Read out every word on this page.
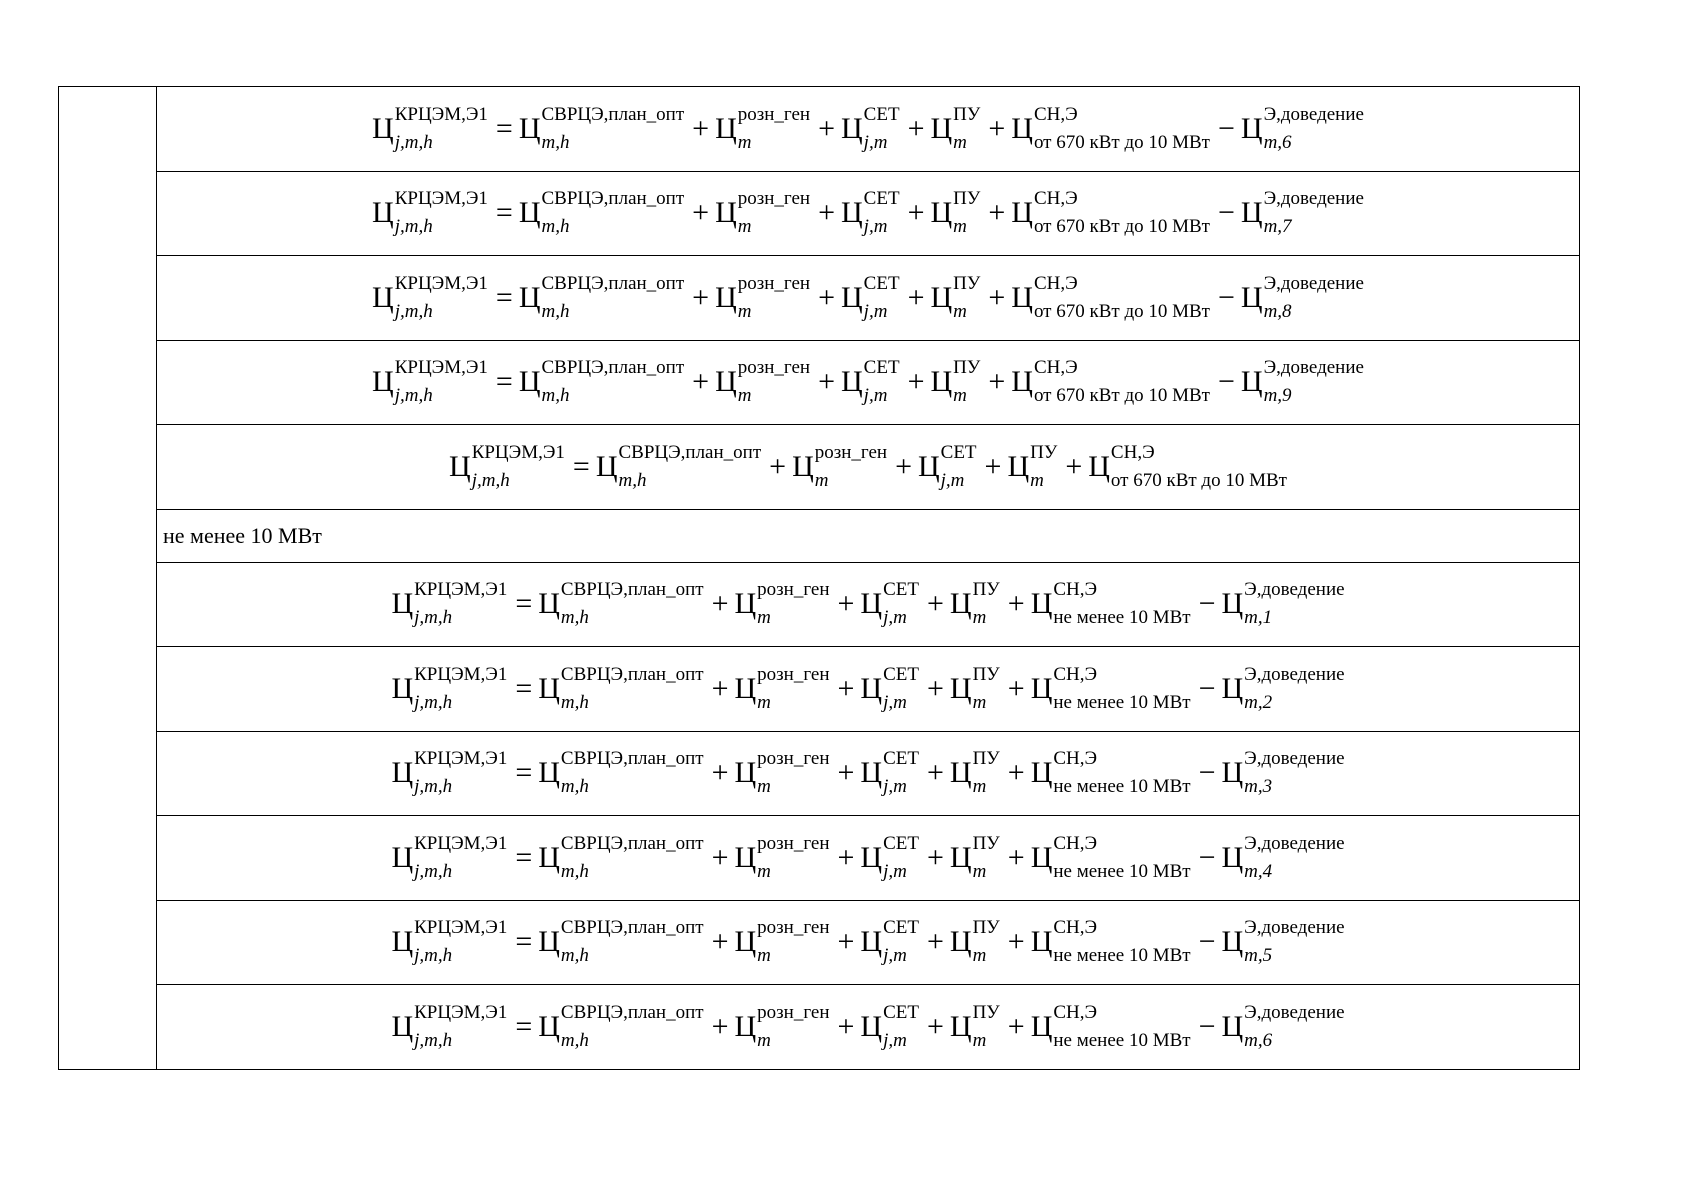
	Ц КРЦЭМ,Э1
j,m,h	= Ц СВРЦЭ,план_опт
m,h	+ Ц розн_ген
m	+ Ц СЕТ
j,m + Ц ПУ
m + Ц СН,Э
от 670 кВт до 10 МВт − Ц Э,доведение
m,6

Ц КРЦЭМ,Э1
j,m,h	= Ц СВРЦЭ,план_опт
m,h	+ Ц розн_ген
m	+ Ц СЕТ
j,m + Ц ПУ
m + Ц СН,Э
от 670 кВт до 10 МВт − Ц Э,доведение
m,7

Ц КРЦЭМ,Э1
j,m,h	= Ц СВРЦЭ,план_опт
m,h	+ Ц розн_ген
m	+ Ц СЕТ
j,m + Ц ПУ
m + Ц СН,Э
от 670 кВт до 10 МВт − Ц Э,доведение
m,8

Ц КРЦЭМ,Э1
j,m,h	= Ц СВРЦЭ,план_опт
m,h	+ Ц розн_ген
m	+ Ц СЕТ
j,m + Ц ПУ
m + Ц СН,Э
от 670 кВт до 10 МВт − Ц Э,доведение
m,9

Ц КРЦЭМ,Э1
j,m,h	= Ц СВРЦЭ,план_опт
m,h	+ Ц розн_ген
m	+ Ц СЕТ
j,m + Ц ПУ
m + Ц СН,Э
от 670 кВт до 10 МВт

не менее 10 МВт
Ц КРЦЭМ,Э1
j,m,h	= Ц СВРЦЭ,план_опт
m,h	+ Ц розн_ген
m	+ Ц СЕТ
j,m + Ц ПУ
m + Ц СН,Э
не менее 10 МВт − Ц Э,доведение
m,1

Ц КРЦЭМ,Э1
j,m,h	= Ц СВРЦЭ,план_опт
m,h	+ Ц розн_ген
m	+ Ц СЕТ
j,m + Ц ПУ
m + Ц СН,Э
не менее 10 МВт − Ц Э,доведение
m,2

Ц КРЦЭМ,Э1
j,m,h	= Ц СВРЦЭ,план_опт
m,h	+ Ц розн_ген
m	+ Ц СЕТ
j,m + Ц ПУ
m + Ц СН,Э
не менее 10 МВт − Ц Э,доведение
m,3

Ц КРЦЭМ,Э1
j,m,h	= Ц СВРЦЭ,план_опт
m,h	+ Ц розн_ген
m	+ Ц СЕТ
j,m + Ц ПУ
m + Ц СН,Э
не менее 10 МВт − Ц Э,доведение
m,4

Ц КРЦЭМ,Э1
j,m,h	= Ц СВРЦЭ,план_опт
m,h	+ Ц розн_ген
m	+ Ц СЕТ
j,m + Ц ПУ
m + Ц СН,Э
не менее 10 МВт − Ц Э,доведение
m,5

Ц КРЦЭМ,Э1
j,m,h	= Ц СВРЦЭ,план_опт
m,h	+ Ц розн_ген
m	+ Ц СЕТ
j,m + Ц ПУ
m + Ц СН,Э
не менее 10 МВт − Ц Э,доведение
m,6
